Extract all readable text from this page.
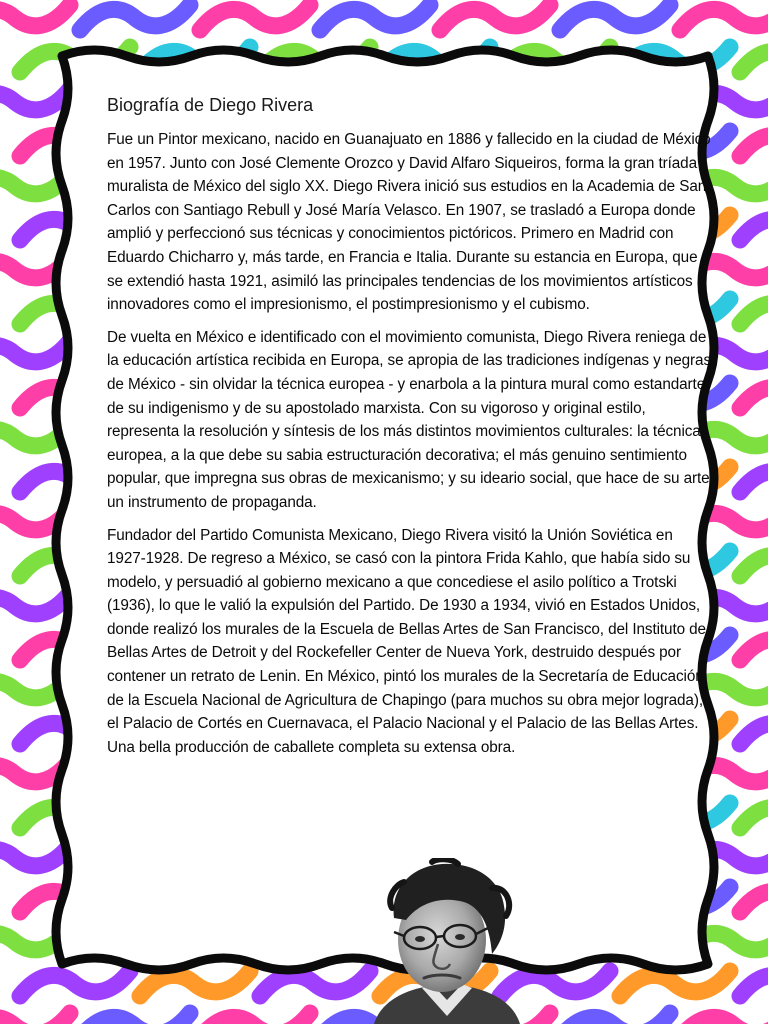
Biografía de Diego Rivera

Fue un Pintor mexicano, nacido en Guanajuato en 1886 y fallecido en la ciudad de México en 1957. Junto con José Clemente Orozco y David Alfaro Siqueiros, forma la gran tríada muralista de México del siglo XX. Diego Rivera inició sus estudios en la Academia de San Carlos con Santiago Rebull y José María Velasco. En 1907, se trasladó a Europa donde amplió y perfeccionó sus técnicas y conocimientos pictóricos. Primero en Madrid con Eduardo Chicharro y, más tarde, en Francia e Italia. Durante su estancia en Europa, que se extendió hasta 1921, asimiló las principales tendencias de los movimientos artísticos innovadores como el impresionismo, el postimpresionismo y el cubismo.

De vuelta en México e identificado con el movimiento comunista, Diego Rivera reniega de la educación artística recibida en Europa, se apropia de las tradiciones indígenas y negras de México - sin olvidar la técnica europea - y enarbola a la pintura mural como estandarte de su indigenismo y de su apostolado marxista. Con su vigoroso y original estilo, representa la resolución y síntesis de los más distintos movimientos culturales: la técnica europea, a la que debe su sabia estructuración decorativa; el más genuino sentimiento popular, que impregna sus obras de mexicanismo; y su ideario social, que hace de su arte un instrumento de propaganda.

Fundador del Partido Comunista Mexicano, Diego Rivera visitó la Unión Soviética en 1927-1928. De regreso a México, se casó con la pintora Frida Kahlo, que había sido su modelo, y persuadió al gobierno mexicano a que concediese el asilo político a Trotski (1936), lo que le valió la expulsión del Partido. De 1930 a 1934, vivió en Estados Unidos, donde realizó los murales de la Escuela de Bellas Artes de San Francisco, del Instituto de Bellas Artes de Detroit y del Rockefeller Center de Nueva York, destruido después por contener un retrato de Lenin. En México, pintó los murales de la Secretaría de Educación, de la Escuela Nacional de Agricultura de Chapingo (para muchos su obra mejor lograda), el Palacio de Cortés en Cuernavaca, el Palacio Nacional y el Palacio de las Bellas Artes. Una bella producción de caballete completa su extensa obra.
